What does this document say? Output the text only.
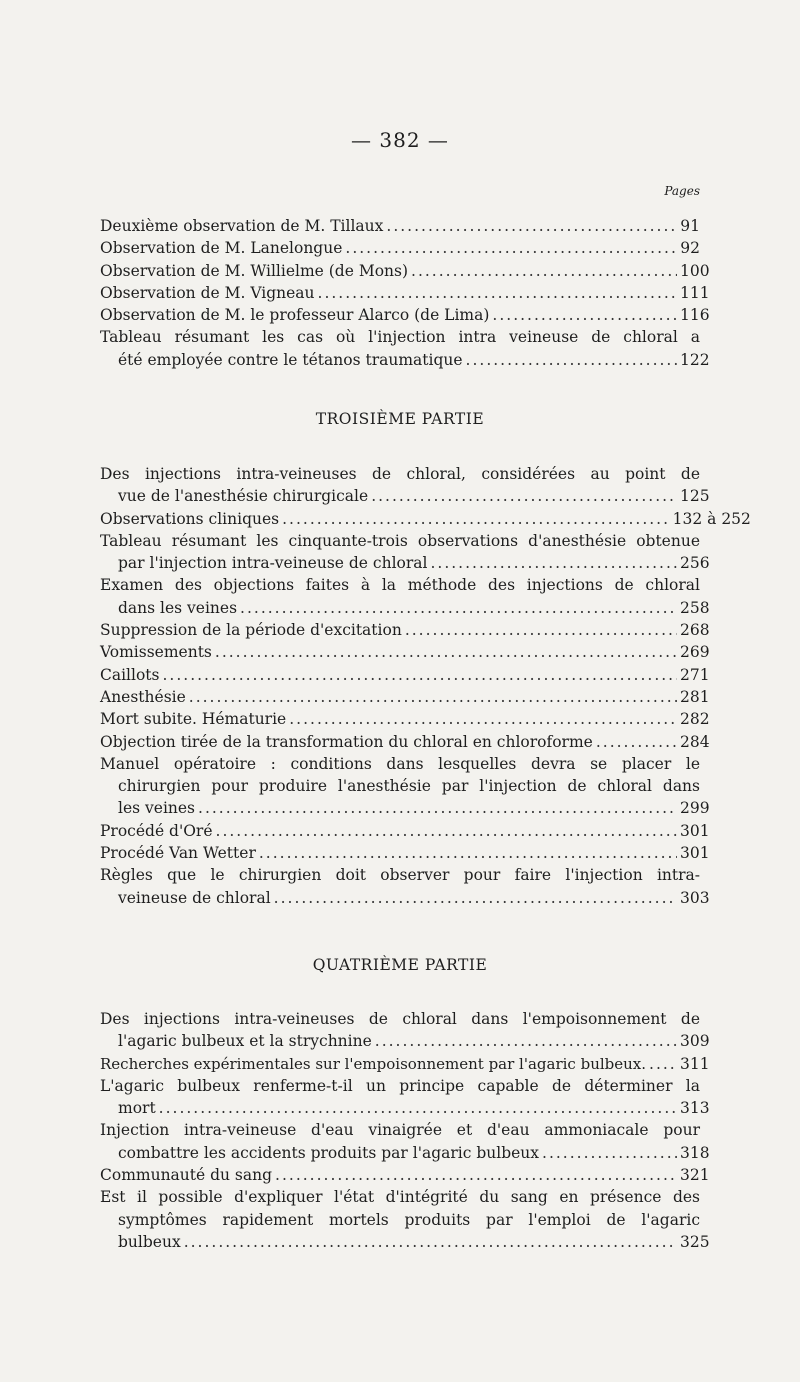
— 382 —
Pages

Deuxième observation de M. Tillaux .....	91

Observation de M. Lanelongue .....	92

Observation de M. Willielme (de Mons) .....	100

Observation de M. Vigneau .....	111

Observation de M. le professeur Alarco (de Lima) .....	116

Tableau résumant les cas où l'injection intra veineuse de chloral a

été employée contre le tétanos traumatique .....	122

TROISIÈME PARTIE

Des injections intra-veineuses de chloral, considérées au point de

vue de l'anesthésie chirurgicale .....	125

Observations cliniques .....	132 à 252

Tableau résumant les cinquante-trois observations d'anesthésie obtenue

par l'injection intra-veineuse de chloral .....	256

Examen des objections faites à la méthode des injections de chloral

dans les veines .....	258

Suppression de la période d'excitation .....	268

Vomissements .....	269

Caillots .....	271

Anesthésie .....	281

Mort subite. Hématurie .....	282

Objection tirée de la transformation du chloral en chloroforme .....	284

Manuel opératoire : conditions dans lesquelles devra se placer le

chirurgien pour produire l'anesthésie par l'injection de chloral dans

les veines .....	299

Procédé d'Oré .....	301

Procédé Van Wetter .....	301

Règles que le chirurgien doit observer pour faire l'injection intra-

veineuse de chloral .....	303

QUATRIÈME PARTIE

Des injections intra-veineuses de chloral dans l'empoisonnement de

l'agaric bulbeux et la strychnine .....	309

Recherches expérimentales sur l'empoisonnement par l'agaric bulbeux. ..... 311

L'agaric bulbeux renferme-t-il un principe capable de déterminer la

mort .....	313

Injection intra-veineuse d'eau vinaigrée et d'eau ammoniacale pour

combattre les accidents produits par l'agaric bulbeux .....	318

Communauté du sang .....	321

Est il possible d'expliquer l'état d'intégrité du sang en présence des

symptômes rapidement mortels produits par l'emploi de l'agaric

bulbeux .....	325
